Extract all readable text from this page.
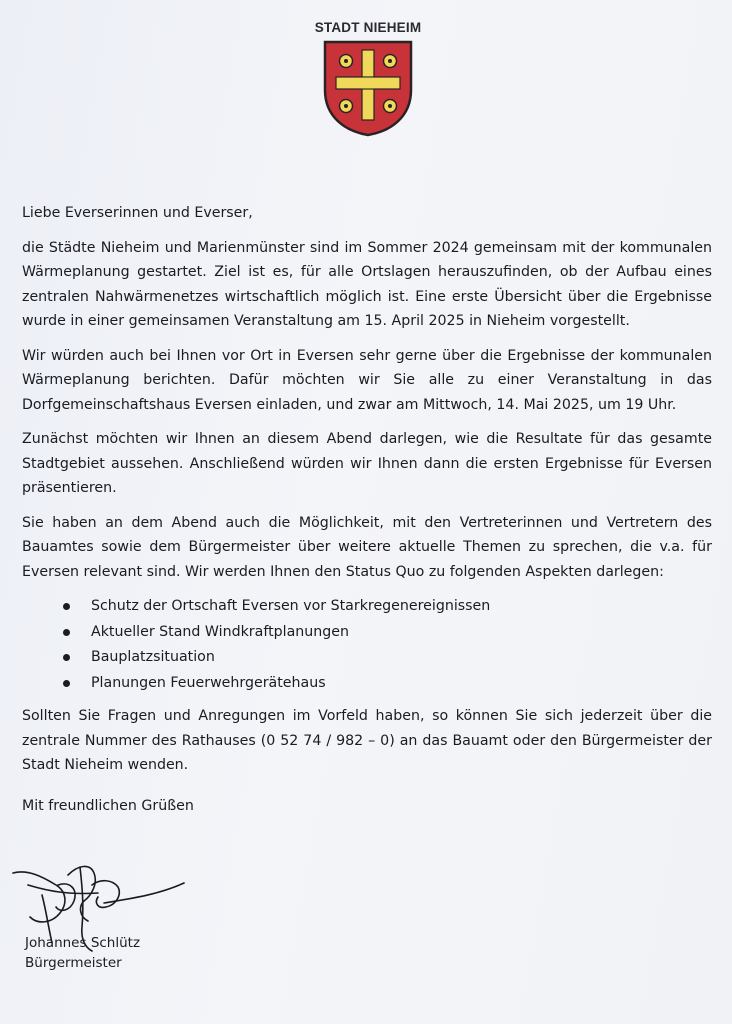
STADT NIEHEIM

Liebe Everserinnen und Everser,

die Städte Nieheim und Marienmünster sind im Sommer 2024 gemeinsam mit der kommunalen Wärmeplanung gestartet. Ziel ist es, für alle Ortslagen herauszufinden, ob der Aufbau eines zentralen Nahwärmenetzes wirtschaftlich möglich ist. Eine erste Übersicht über die Ergebnisse wurde in einer gemeinsamen Veranstaltung am 15. April 2025 in Nieheim vorgestellt.

Wir würden auch bei Ihnen vor Ort in Eversen sehr gerne über die Ergebnisse der kommunalen Wärmeplanung berichten. Dafür möchten wir Sie alle zu einer Veranstaltung in das Dorfgemeinschaftshaus Eversen einladen, und zwar am Mittwoch, 14. Mai 2025, um 19 Uhr.

Zunächst möchten wir Ihnen an diesem Abend darlegen, wie die Resultate für das gesamte Stadtgebiet aussehen. Anschließend würden wir Ihnen dann die ersten Ergebnisse für Eversen präsentieren.

Sie haben an dem Abend auch die Möglichkeit, mit den Vertreterinnen und Vertretern des Bauamtes sowie dem Bürgermeister über weitere aktuelle Themen zu sprechen, die v.a. für Eversen relevant sind. Wir werden Ihnen den Status Quo zu folgenden Aspekten darlegen:

Schutz der Ortschaft Eversen vor Starkregenereignissen
Aktueller Stand Windkraftplanungen
Bauplatzsituation
Planungen Feuerwehrgerätehaus

Sollten Sie Fragen und Anregungen im Vorfeld haben, so können Sie sich jederzeit über die zentrale Nummer des Rathauses (0 52 74 / 982 – 0) an das Bauamt oder den Bürgermeister der Stadt Nieheim wenden.

Mit freundlichen Grüßen

Johannes Schlütz
Bürgermeister
